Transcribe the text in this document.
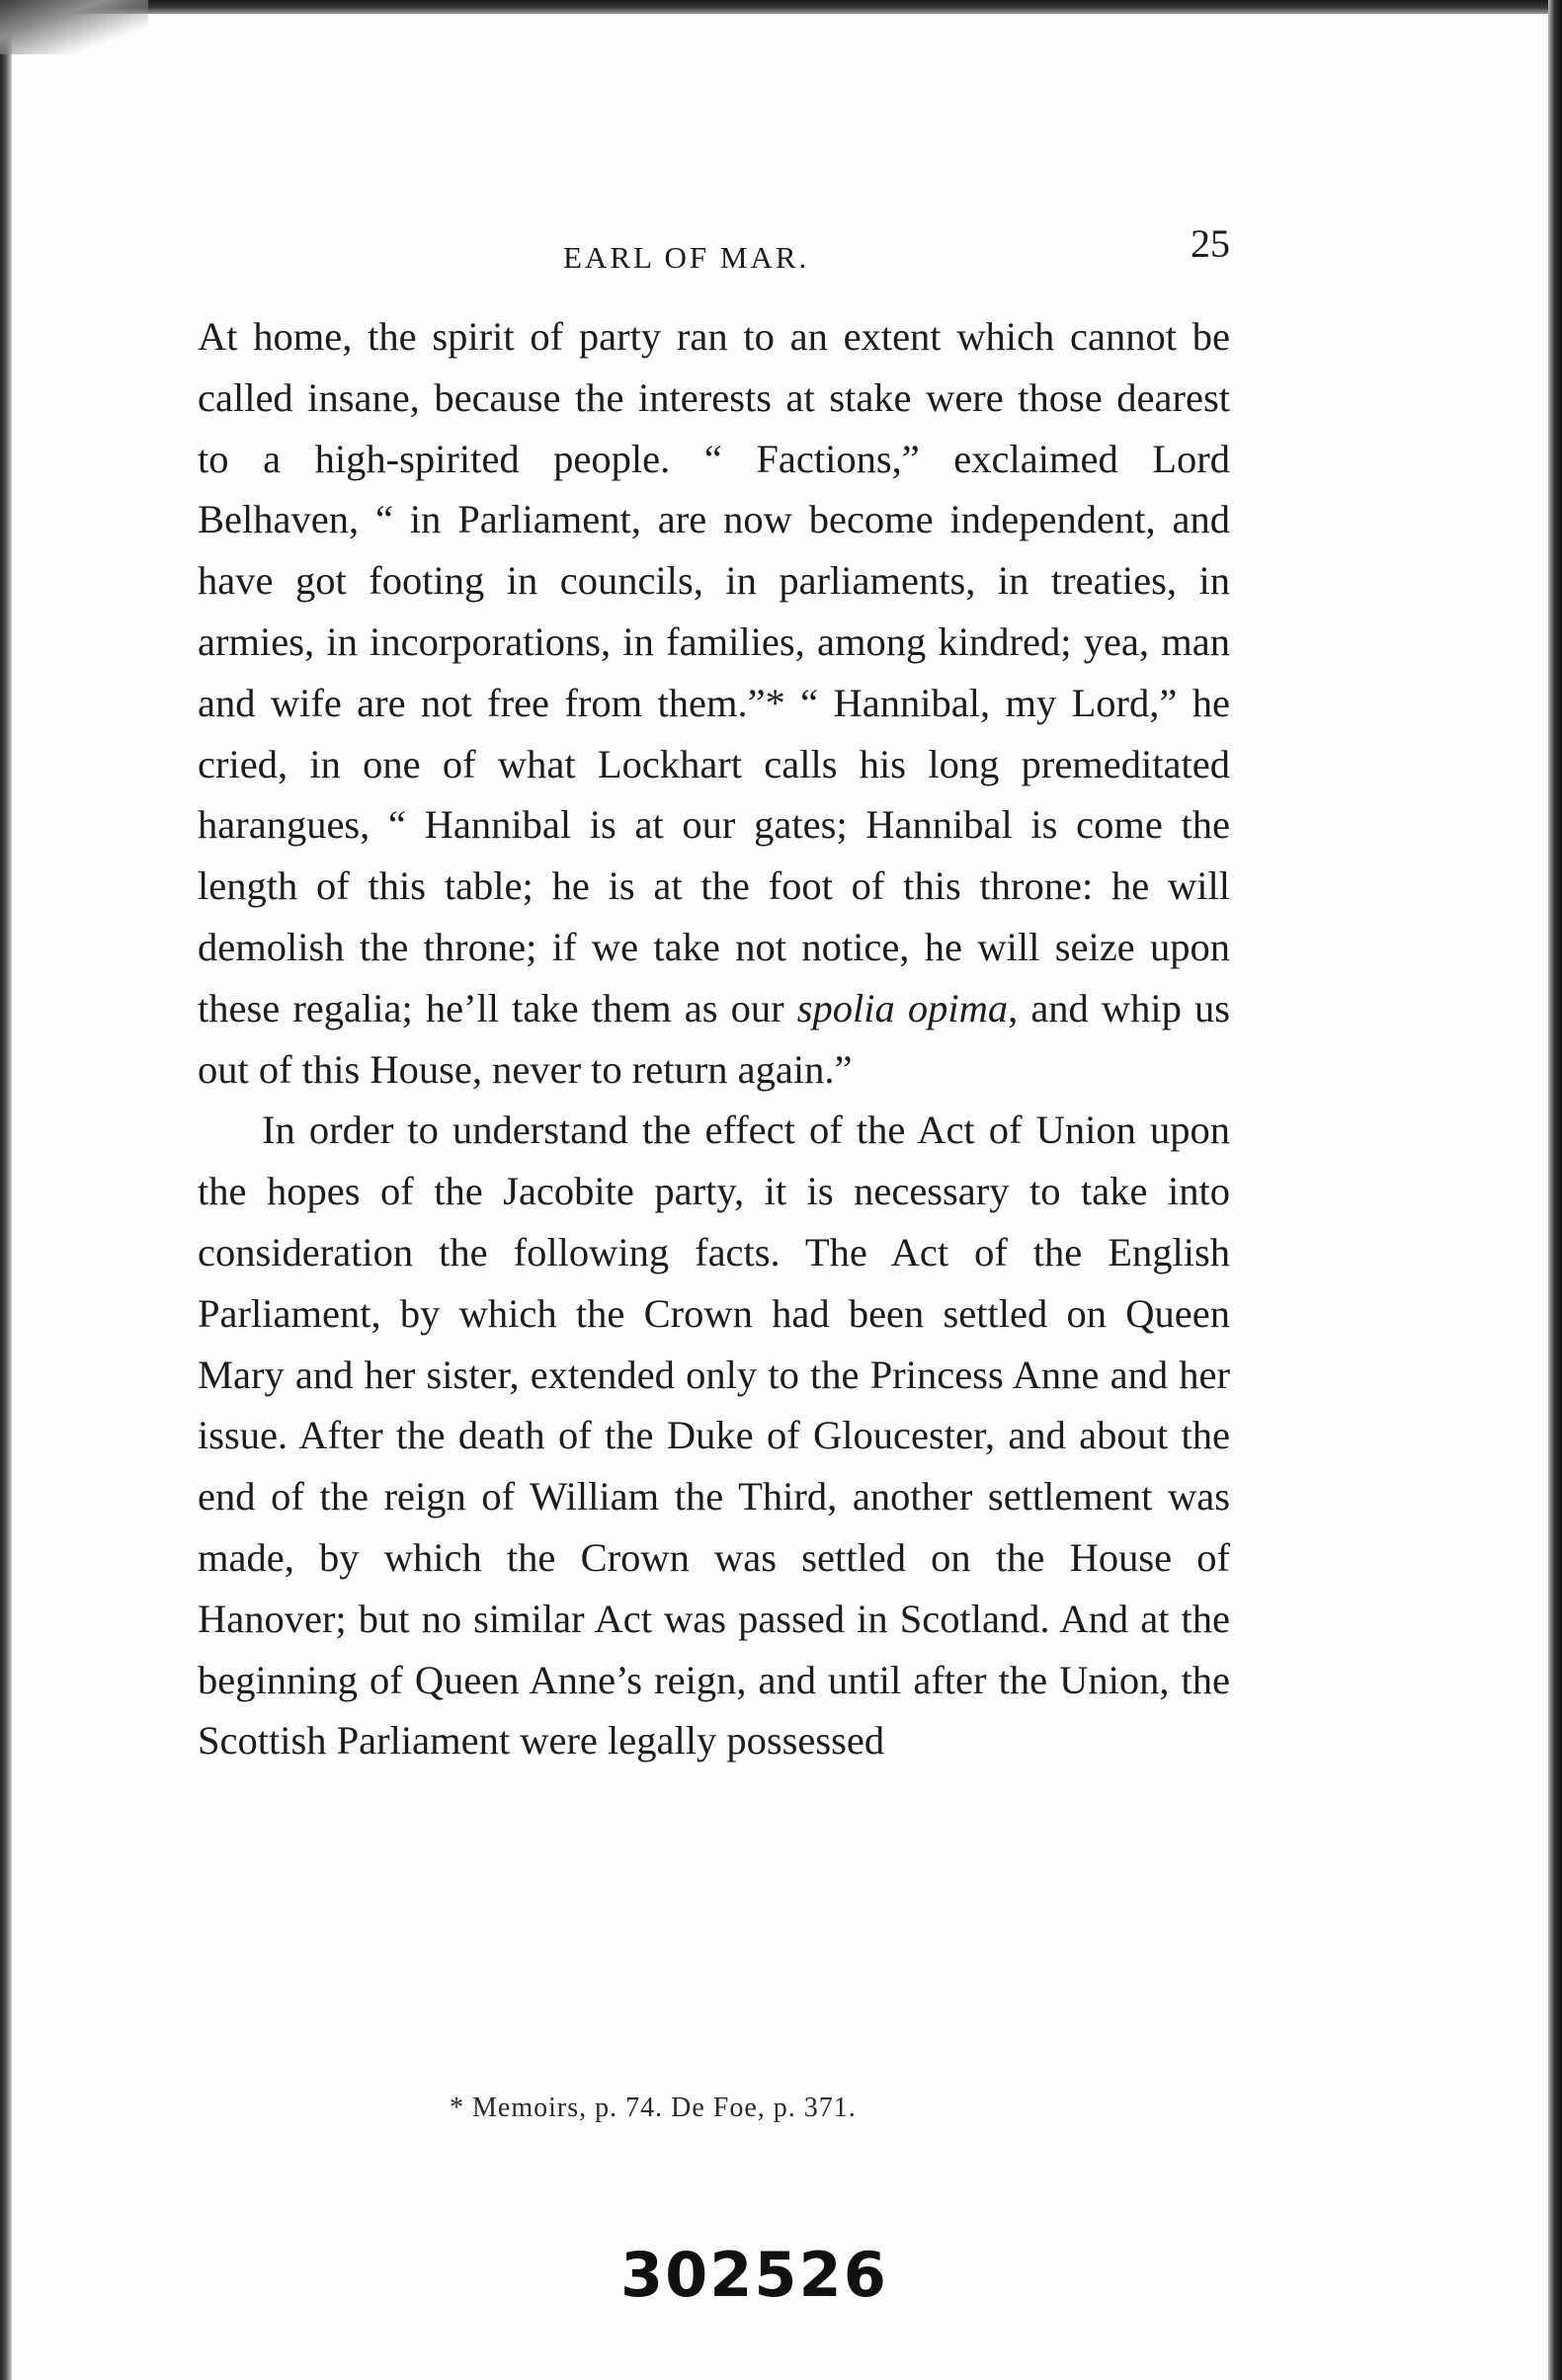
EARL OF MAR.	25

At home, the spirit of party ran to an extent which cannot be called insane, because the interests at stake were those dearest to a high-spirited people. “ Factions,” exclaimed Lord Belhaven, “ in Parliament, are now become independent, and have got footing in councils, in parliaments, in treaties, in armies, in incorporations, in families, among kindred; yea, man and wife are not free from them.”* “ Hannibal, my Lord,” he cried, in one of what Lockhart calls his long premeditated harangues, “ Hannibal is at our gates; Hannibal is come the length of this table; he is at the foot of this throne: he will demolish the throne; if we take not notice, he will seize upon these regalia; he’ll take them as our spolia opima, and whip us out of this House, never to return again.”

In order to understand the effect of the Act of Union upon the hopes of the Jacobite party, it is necessary to take into consideration the following facts. The Act of the English Parliament, by which the Crown had been settled on Queen Mary and her sister, extended only to the Princess Anne and her issue. After the death of the Duke of Gloucester, and about the end of the reign of William the Third, another settlement was made, by which the Crown was settled on the House of Hanover; but no similar Act was passed in Scotland. And at the beginning of Queen Anne’s reign, and until after the Union, the Scottish Parliament were legally possessed

* Memoirs, p. 74. De Foe, p. 371.
302526
